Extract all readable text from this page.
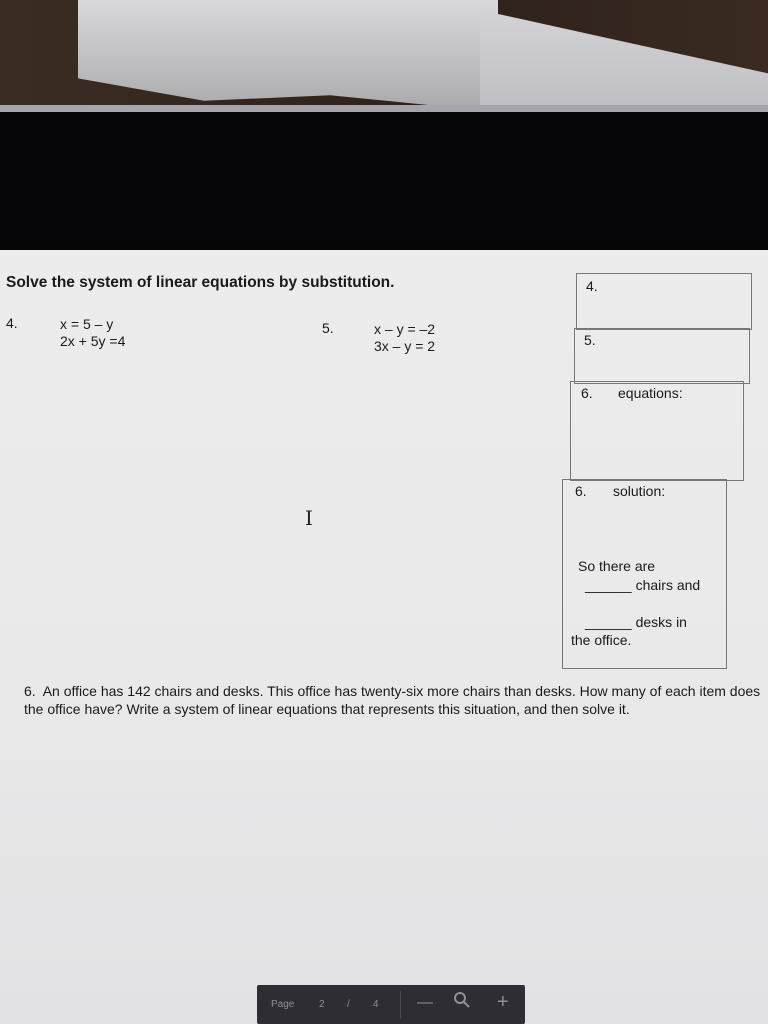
Solve the system of linear equations by substitution.
4.	x = 5 – y
2x + 5y =4
5.	x – y = –2
3x – y = 2
4.
5.
6. equations:
6. solution:
So there are
______ chairs and
______ desks in
the office.
I
6. An office has 142 chairs and desks. This office has twenty-six more chairs than desks. How many of each item does the office have? Write a system of linear equations that represents this situation, and then solve it.
Page 2 / 4 —	+
